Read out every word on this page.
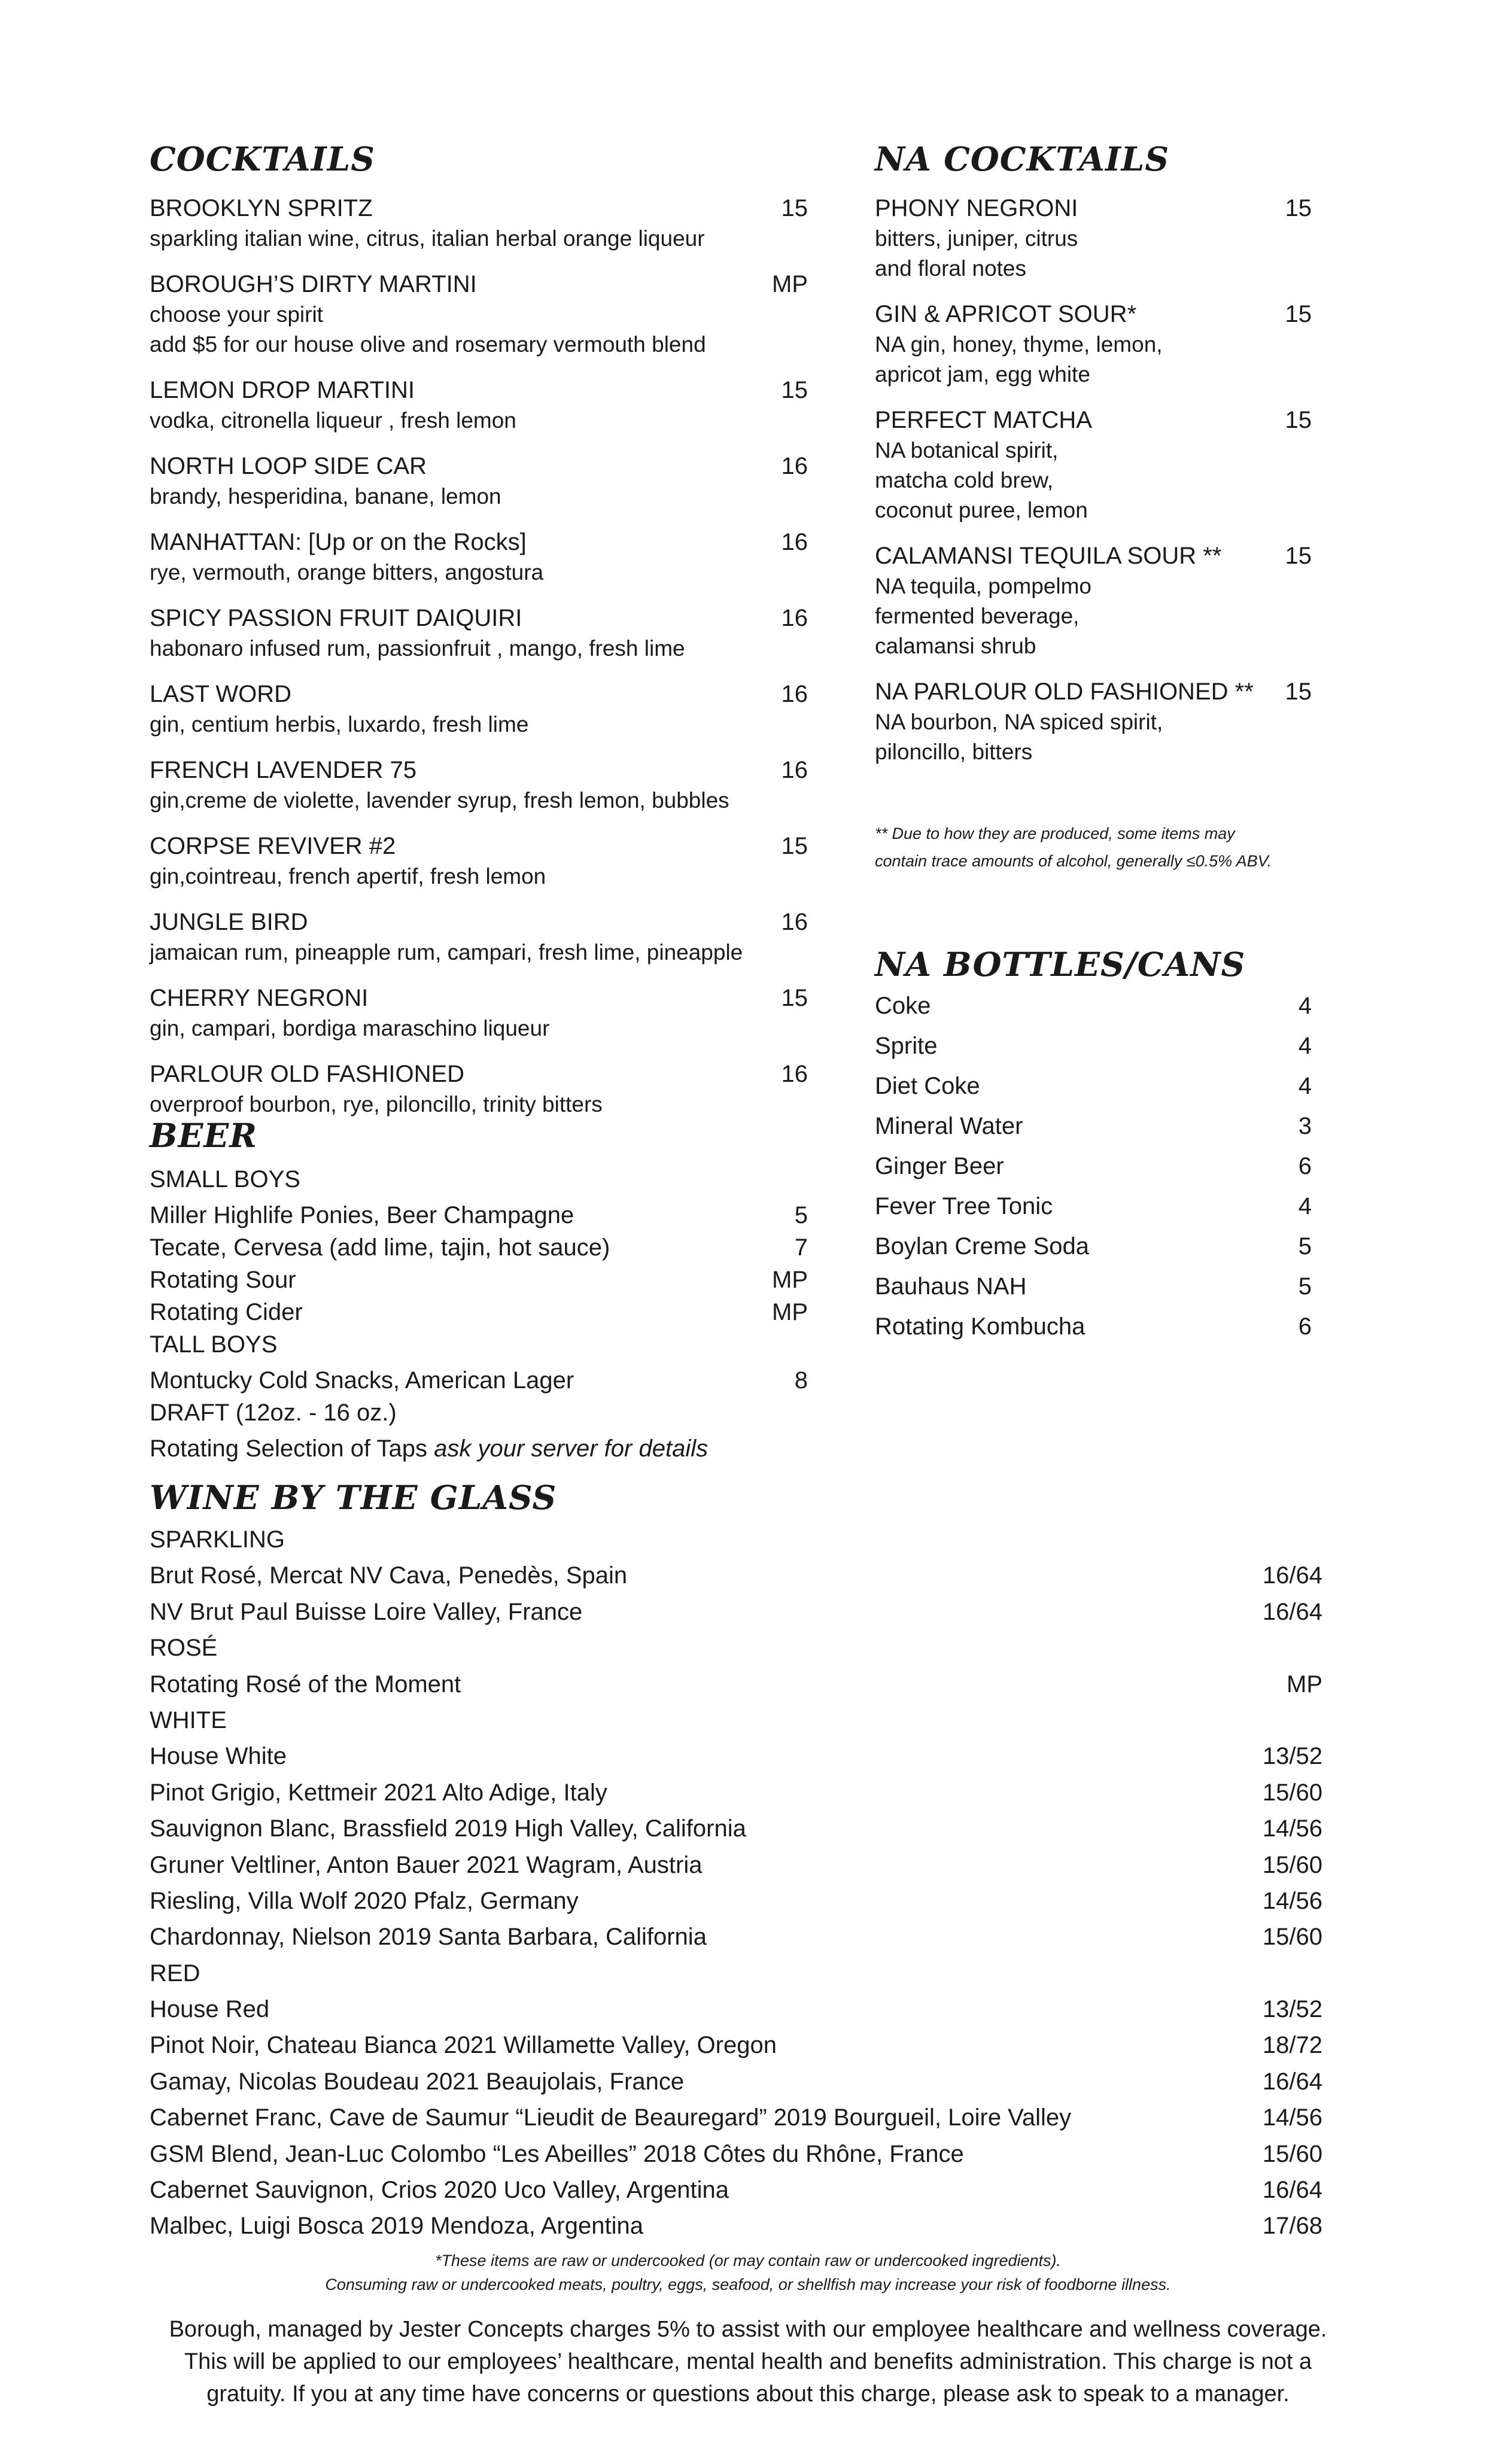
COCKTAILS
BROOKLYN SPRITZ	15
sparkling italian wine, citrus, italian herbal orange liqueur
BOROUGH’S DIRTY MARTINI	MP
choose your spirit
add $5 for our house olive and rosemary vermouth blend
LEMON DROP MARTINI	15
vodka, citronella liqueur , fresh lemon
NORTH LOOP SIDE CAR	16
brandy, hesperidina, banane, lemon
MANHATTAN: [Up or on the Rocks]	16
rye, vermouth, orange bitters, angostura
SPICY PASSION FRUIT DAIQUIRI	16
habonaro infused rum, passionfruit , mango, fresh lime
LAST WORD	16
gin, centium herbis, luxardo, fresh lime
FRENCH LAVENDER 75	16
gin,creme de violette, lavender syrup, fresh lemon, bubbles
CORPSE REVIVER #2	15
gin,cointreau, french apertif, fresh lemon
JUNGLE BIRD	16
jamaican rum, pineapple rum, campari, fresh lime, pineapple
CHERRY NEGRONI	15
gin, campari, bordiga maraschino liqueur
PARLOUR OLD FASHIONED	16
overproof bourbon, rye, piloncillo, trinity bitters
BEER
SMALL BOYS
Miller Highlife Ponies, Beer Champagne	5
Tecate, Cervesa (add lime, tajin, hot sauce)	7
Rotating Sour	MP
Rotating Cider	MP
TALL BOYS
Montucky Cold Snacks, American Lager	8
DRAFT (12oz. - 16 oz.)
Rotating Selection of Taps ask your server for details
WINE BY THE GLASS
SPARKLING
Brut Rosé, Mercat NV Cava, Penedès, Spain	16/64
NV Brut Paul Buisse Loire Valley, France	16/64
ROSÉ
Rotating Rosé of the Moment	MP
WHITE
House White	13/52
Pinot Grigio, Kettmeir 2021 Alto Adige, Italy	15/60
Sauvignon Blanc, Brassfield 2019 High Valley, California	14/56
Gruner Veltliner, Anton Bauer 2021 Wagram, Austria	15/60
Riesling, Villa Wolf 2020 Pfalz, Germany	14/56
Chardonnay, Nielson 2019 Santa Barbara, California	15/60
RED
House Red	13/52
Pinot Noir, Chateau Bianca 2021 Willamette Valley, Oregon	18/72
Gamay, Nicolas Boudeau 2021 Beaujolais, France	16/64
Cabernet Franc, Cave de Saumur “Lieudit de Beauregard” 2019 Bourgueil, Loire Valley	14/56
GSM Blend, Jean-Luc Colombo “Les Abeilles” 2018 Côtes du Rhône, France	15/60
Cabernet Sauvignon, Crios 2020 Uco Valley, Argentina	16/64
Malbec, Luigi Bosca 2019 Mendoza, Argentina	17/68
NA COCKTAILS
PHONY NEGRONI	15
bitters, juniper, citrus
and floral notes
GIN & APRICOT SOUR*	15
NA gin, honey, thyme, lemon,
apricot jam, egg white
PERFECT MATCHA	15
NA botanical spirit,
matcha cold brew,
coconut puree, lemon
CALAMANSI TEQUILA SOUR **	15
NA tequila, pompelmo
fermented beverage,
calamansi shrub
NA PARLOUR OLD FASHIONED ** 15
NA bourbon, NA spiced spirit,
piloncillo, bitters
** Due to how they are produced, some items may
contain trace amounts of alcohol, generally ≤0.5% ABV.
NA BOTTLES/CANS
Coke	4
Sprite	4
Diet Coke	4
Mineral Water	3
Ginger Beer	6
Fever Tree Tonic	4
Boylan Creme Soda	5
Bauhaus NAH	5
Rotating Kombucha	6
*These items are raw or undercooked (or may contain raw or undercooked ingredients).
Consuming raw or undercooked meats, poultry, eggs, seafood, or shellfish may increase your risk of foodborne illness.
Borough, managed by Jester Concepts charges 5% to assist with our employee healthcare and wellness coverage.
This will be applied to our employees’ healthcare, mental health and benefits administration. This charge is not a
gratuity. If you at any time have concerns or questions about this charge, please ask to speak to a manager.
